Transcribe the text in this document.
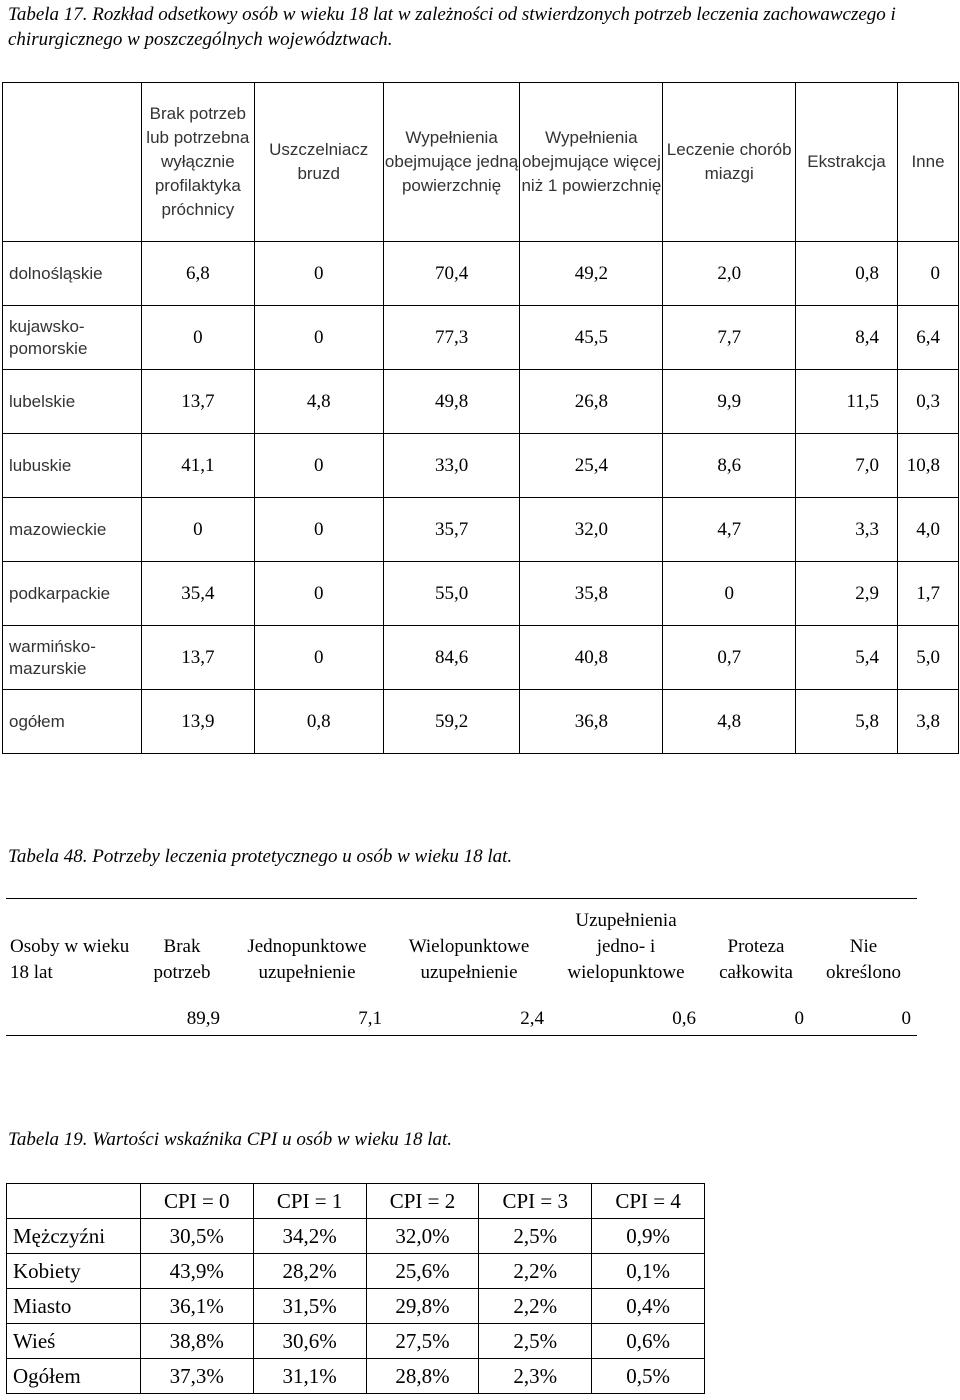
Tabela 17. Rozkład odsetkowy osób w wieku 18 lat w zależności od stwierdzonych potrzeb leczenia zachowawczego i chirurgicznego w poszczególnych województwach.

	Brak potrzeb lub potrzebna wyłącznie profilaktyka próchnicy	Uszczelniacz bruzd	Wypełnienia obejmujące jedną powierzchnię	Wypełnienia obejmujące więcej niż 1 powierzchnię	Leczenie chorób miazgi	Ekstrakcja	Inne
dolnośląskie	6,8	0	70,4	49,2	2,0	0,8	0
kujawsko-pomorskie	0	0	77,3	45,5	7,7	8,4	6,4
lubelskie	13,7	4,8	49,8	26,8	9,9	11,5	0,3
lubuskie	41,1	0	33,0	25,4	8,6	7,0	10,8
mazowieckie	0	0	35,7	32,0	4,7	3,3	4,0
podkarpackie	35,4	0	55,0	35,8	0	2,9	1,7
warmińsko-mazurskie	13,7	0	84,6	40,8	0,7	5,4	5,0
ogółem	13,9	0,8	59,2	36,8	4,8	5,8	3,8

Tabela 48. Potrzeby leczenia protetycznego u osób w wieku 18 lat.

Osoby w wieku 18 lat	Brak potrzeb	Jednopunktowe uzupełnienie	Wielopunktowe uzupełnienie	Uzupełnienia jedno- i wielopunktowe	Proteza całkowita	Nie określono
	89,9	7,1	2,4	0,6	0	0

Tabela 19. Wartości wskaźnika CPI u osób w wieku 18 lat.

	CPI = 0	CPI = 1	CPI = 2	CPI = 3	CPI = 4
Mężczyźni	30,5%	34,2%	32,0%	2,5%	0,9%
Kobiety	43,9%	28,2%	25,6%	2,2%	0,1%
Miasto	36,1%	31,5%	29,8%	2,2%	0,4%
Wieś	38,8%	30,6%	27,5%	2,5%	0,6%
Ogółem	37,3%	31,1%	28,8%	2,3%	0,5%
